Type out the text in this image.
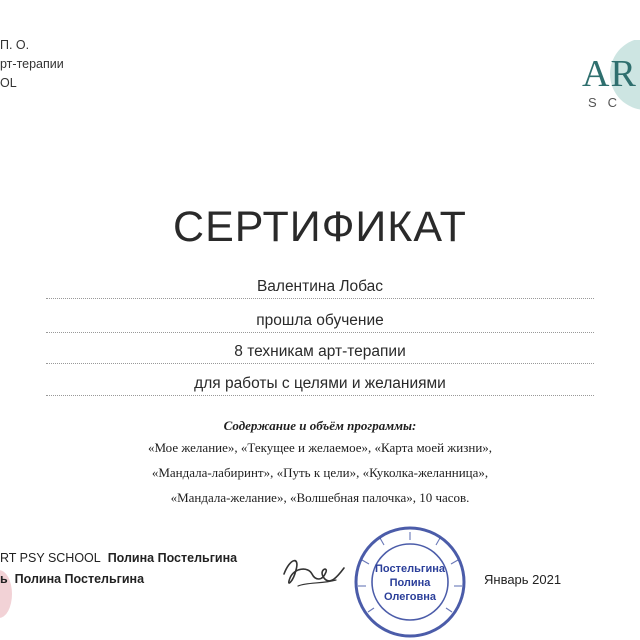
П. О.
рт-терапии
OL	AR
SC
СЕРТИФИКАТ
Валентина Лобас
прошла обучение
8 техникам арт-терапии
для работы с целями и желаниями
Содержание и объём программы:
«Мое желание», «Текущее и желаемое», «Карта моей жизни»,
«Мандала-лабиринт», «Путь к цели», «Куколка-желанница»,
«Мандала-желание», «Волшебная палочка», 10 часов.
RT PSY SCHOOL Полина Постельгина
ь Полина Постельгина
Постельгина
Полина
Олеговна
Январь 2021
